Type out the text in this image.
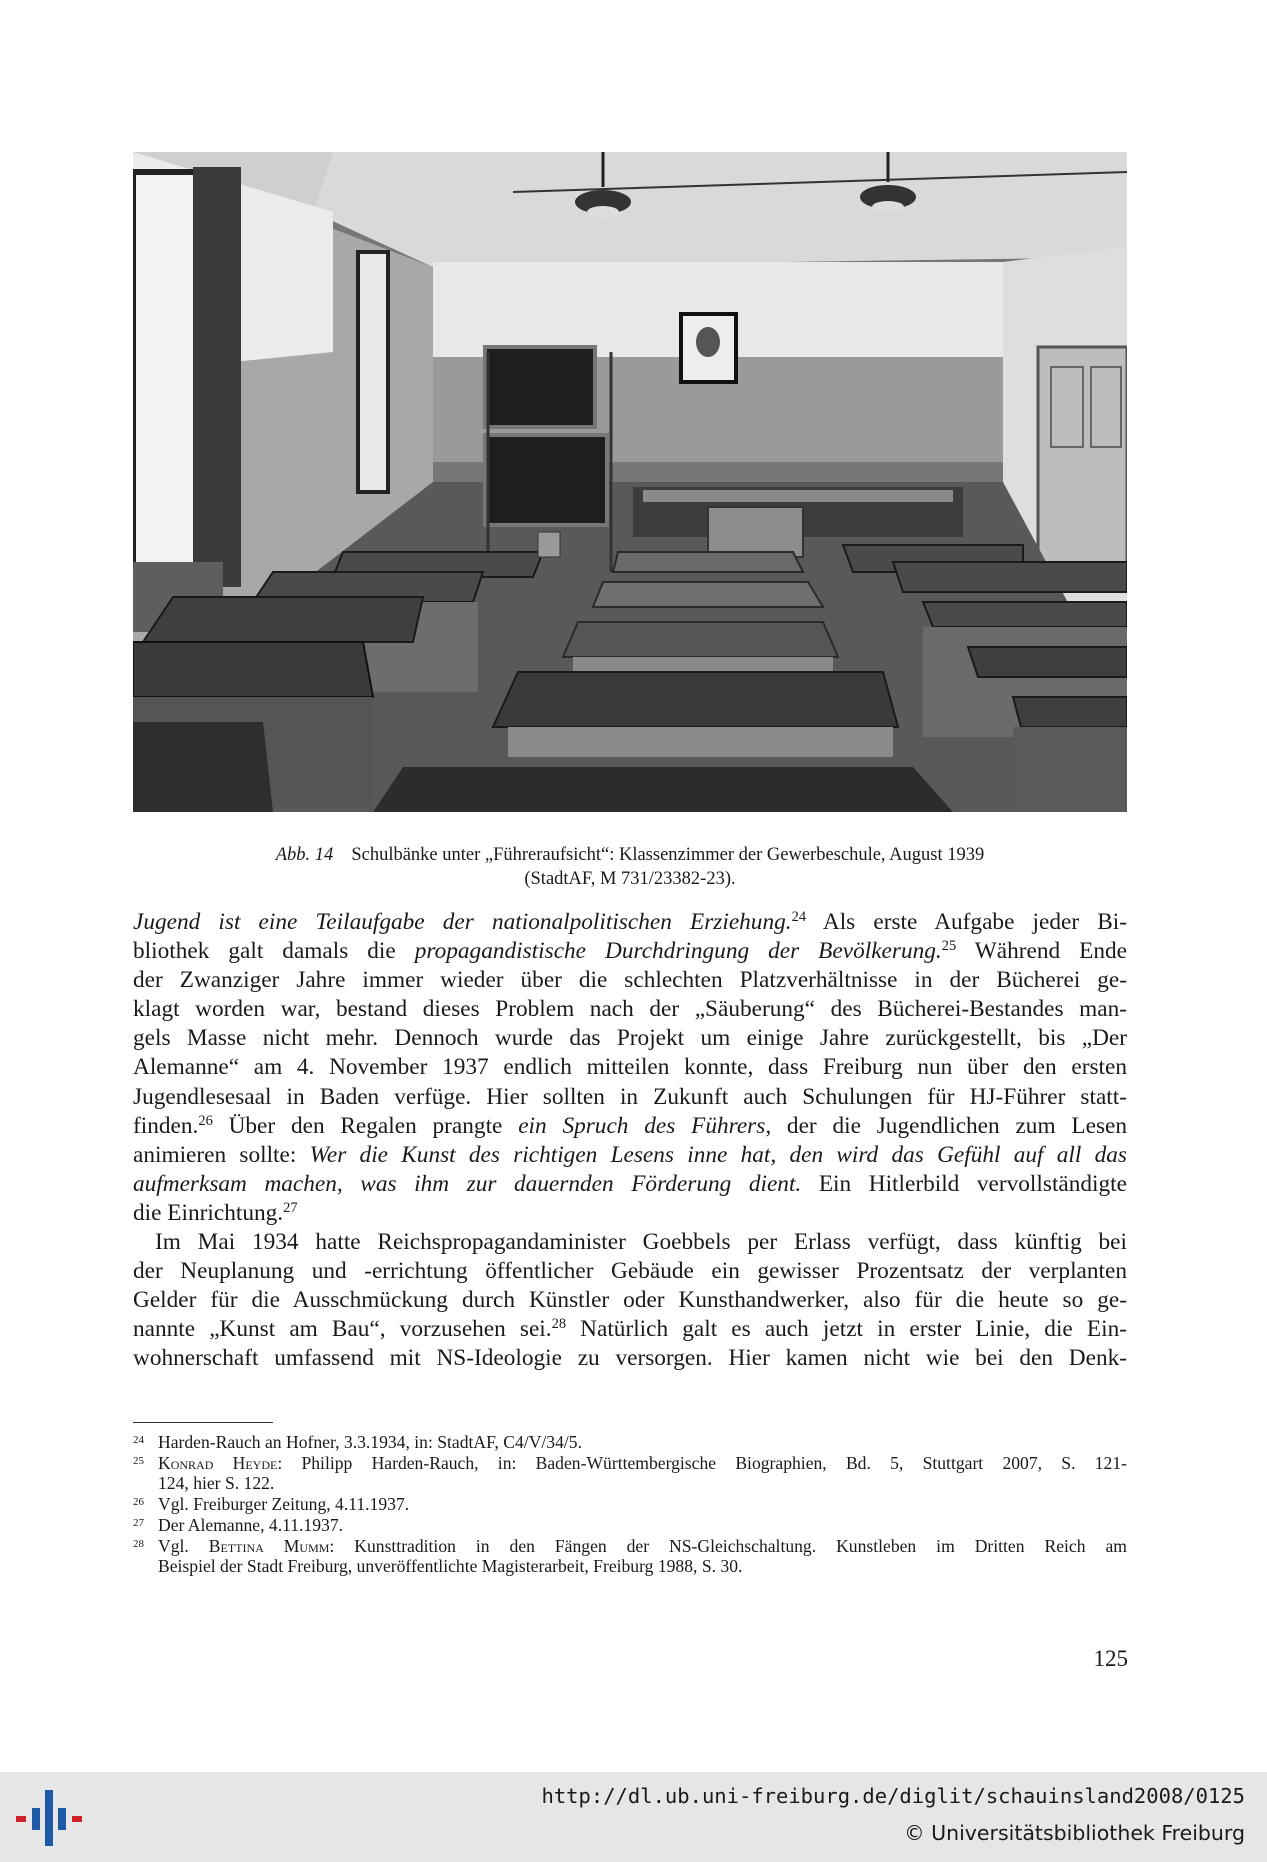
Abb. 14 Schulbänke unter „Führeraufsicht“: Klassenzimmer der Gewerbeschule, August 1939
(StadtAF, M 731/23382-23).

Jugend ist eine Teilaufgabe der nationalpolitischen Erziehung.$^{24}$ Als erste Aufgabe jeder Bi-
bliothek galt damals die propagandistische Durchdringung der Bevölkerung.$^{25}$ Während Ende
der Zwanziger Jahre immer wieder über die schlechten Platzverhältnisse in der Bücherei ge-
klagt worden war, bestand dieses Problem nach der „Säuberung“ des Bücherei-Bestandes man-
gels Masse nicht mehr. Dennoch wurde das Projekt um einige Jahre zurückgestellt, bis „Der
Alemanne“ am 4. November 1937 endlich mitteilen konnte, dass Freiburg nun über den ersten
Jugendlesesaal in Baden verfüge. Hier sollten in Zukunft auch Schulungen für HJ-Führer statt-
finden.$^{26}$ Über den Regalen prangte ein Spruch des Führers, der die Jugendlichen zum Lesen
animieren sollte: Wer die Kunst des richtigen Lesens inne hat, den wird das Gefühl auf all das
aufmerksam machen, was ihm zur dauernden Förderung dient. Ein Hitlerbild vervollständigte
die Einrichtung.$^{27}$

Im Mai 1934 hatte Reichspropagandaminister Goebbels per Erlass verfügt, dass künftig bei
der Neuplanung und -errichtung öffentlicher Gebäude ein gewisser Prozentsatz der verplanten
Gelder für die Ausschmückung durch Künstler oder Kunsthandwerker, also für die heute so ge-
nannte „Kunst am Bau“, vorzusehen sei.$^{28}$ Natürlich galt es auch jetzt in erster Linie, die Ein-
wohnerschaft umfassend mit NS-Ideologie zu versorgen. Hier kamen nicht wie bei den Denk-

24 Harden-Rauch an Hofner, 3.3.1934, in: StadtAF, C4/V/34/5.
25 Konrad Heyde: Philipp Harden-Rauch, in: Baden-Württembergische Biographien, Bd. 5, Stuttgart 2007, S. 121-
124, hier S. 122.
26 Vgl. Freiburger Zeitung, 4.11.1937.
27 Der Alemanne, 4.11.1937.
28 Vgl. Bettina Mumm: Kunsttradition in den Fängen der NS-Gleichschaltung. Kunstleben im Dritten Reich am
Beispiel der Stadt Freiburg, unveröffentlichte Magisterarbeit, Freiburg 1988, S. 30.
125
http://dl.ub.uni-freiburg.de/diglit/schauinsland2008/0125
© Universitätsbibliothek Freiburg
